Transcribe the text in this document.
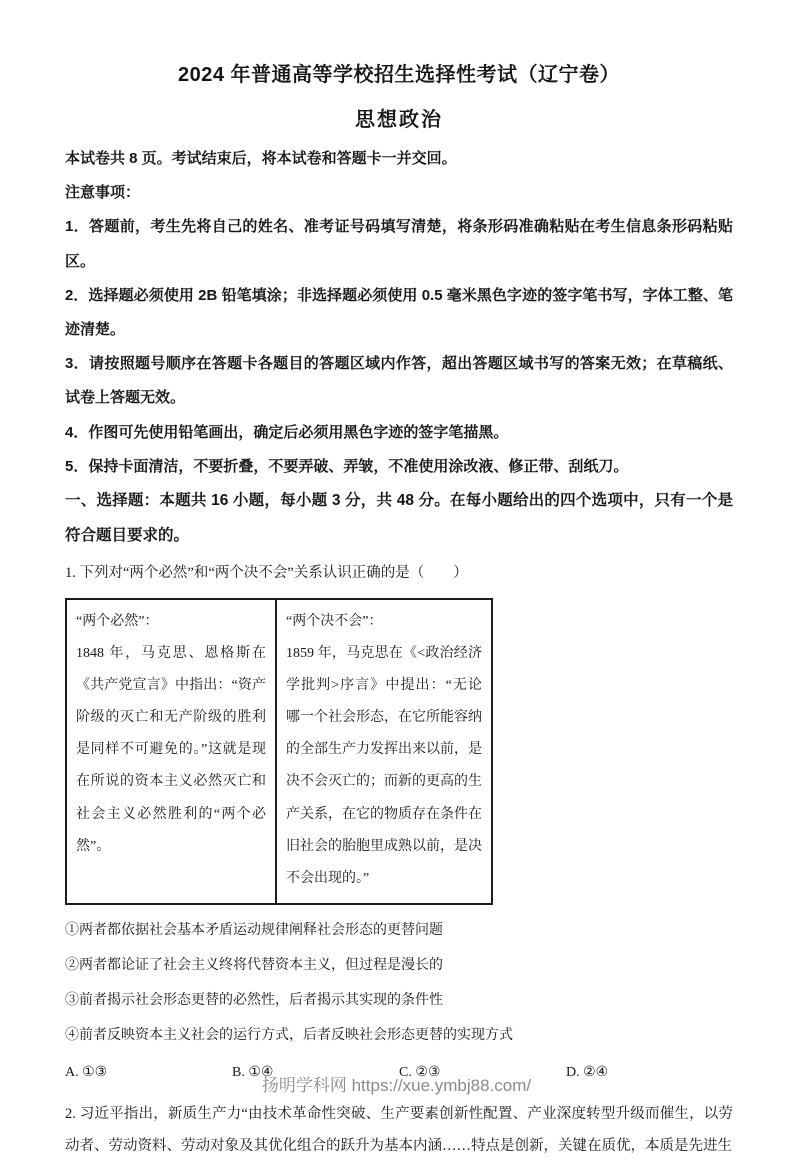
2024 年普通高等学校招生选择性考试（辽宁卷）
思想政治

本试卷共 8 页。考试结束后，将本试卷和答题卡一并交回。

注意事项：

1．答题前，考生先将自己的姓名、准考证号码填写清楚，将条形码准确粘贴在考生信息条形码粘贴区。

2．选择题必须使用 2B 铅笔填涂；非选择题必须使用 0.5 毫米黑色字迹的签字笔书写，字体工整、笔迹清楚。

3．请按照题号顺序在答题卡各题目的答题区域内作答，超出答题区域书写的答案无效；在草稿纸、试卷上答题无效。

4．作图可先使用铅笔画出，确定后必须用黑色字迹的签字笔描黑。

5．保持卡面清洁，不要折叠，不要弄破、弄皱，不准使用涂改液、修正带、刮纸刀。

一、选择题：本题共 16 小题，每小题 3 分，共 48 分。在每小题给出的四个选项中，只有一个是符合题目要求的。

1. 下列对“两个必然”和“两个决不会”关系认识正确的是（　　）

“两个必然”：
1848 年，马克思、恩格斯在《共产党宣言》中指出：“资产阶级的灭亡和无产阶级的胜利是同样不可避免的。”这就是现在所说的资本主义必然灭亡和社会主义必然胜利的“两个必然”。	
“两个决不会”：
1859 年，马克思在《<政治经济学批判>序言》中提出：“无论哪一个社会形态，在它所能容纳的全部生产力发挥出来以前，是决不会灭亡的；而新的更高的生产关系，在它的物质存在条件在旧社会的胎胞里成熟以前，是决不会出现的。”

①两者都依据社会基本矛盾运动规律阐释社会形态的更替问题

②两者都论证了社会主义终将代替资本主义，但过程是漫长的

③前者揭示社会形态更替的必然性，后者揭示其实现的条件性

④前者反映资本主义社会的运行方式，后者反映社会形态更替的实现方式

A. ①③	B. ①④	C. ②③	D. ②④

2. 习近平指出，新质生产力“由技术革命性突破、生产要素创新性配置、产业深度转型升级而催生，以劳动者、劳动资料、劳动对象及其优化组合的跃升为基本内涵……特点是创新，关键在质优，本质是先进生

扬明学科网 https://xue.ymbj88.com/
